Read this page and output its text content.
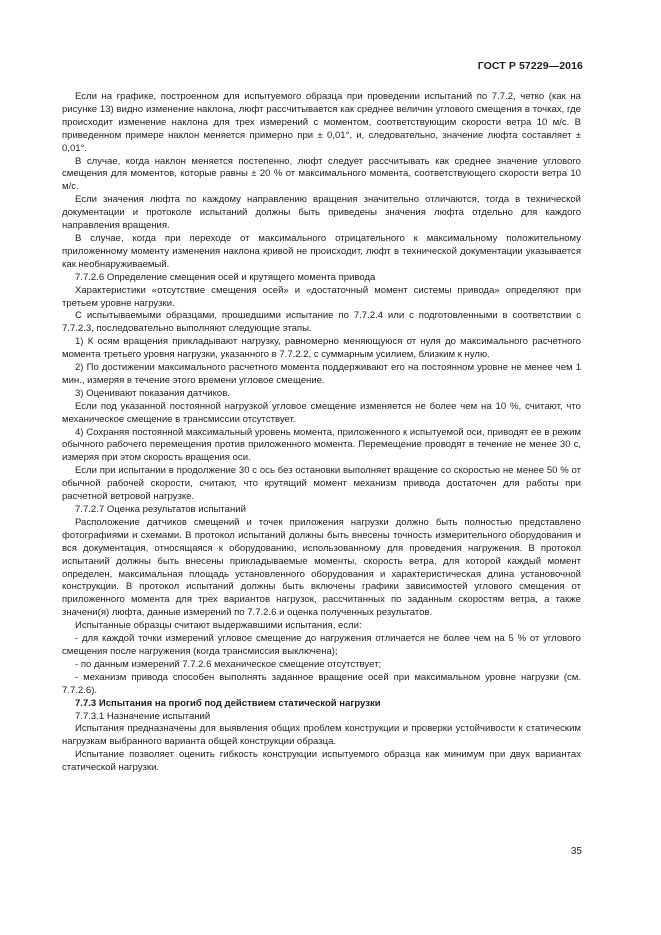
ГОСТ Р 57229—2016

Если на графике, построенном для испытуемого образца при проведении испытаний по 7.7.2, четко (как на рисунке 13) видно изменение наклона, люфт рассчитывается как среднее величин углового смещения в точках, где происходит изменение наклона для трех измерений с моментом, соответствующим скорости ветра 10 м/с. В приведенном примере наклон меняется примерно при ± 0,01°, и, следовательно, значение люфта составляет ± 0,01°.

В случае, когда наклон меняется постепенно, люфт следует рассчитывать как среднее значение углового смещения для моментов, которые равны ± 20 % от максимального момента, соответствующего скорости ветра 10 м/с.

Если значения люфта по каждому направлению вращения значительно отличаются, тогда в технической документации и протоколе испытаний должны быть приведены значения люфта отдельно для каждого направления вращения.

В случае, когда при переходе от максимального отрицательного к максимальному положительному приложенному моменту изменения наклона кривой не происходит, люфт в технической документации указывается как необнаруживаемый.

7.7.2.6 Определение смещения осей и крутящего момента привода

Характеристики «отсутствие смещения осей» и «достаточный момент системы привода» определяют при третьем уровне нагрузки.

С испытываемыми образцами, прошедшими испытание по 7.7.2.4 или с подготовленными в соответствии с 7.7.2.3, последовательно выполняют следующие этапы.

1) К осям вращения прикладывают нагрузку, равномерно меняющуюся от нуля до максимального расчетного момента третьего уровня нагрузки, указанного в 7.7.2.2, с суммарным усилием, близким к нулю.

2) По достижении максимального расчетного момента поддерживают его на постоянном уровне не менее чем 1 мин., измеряя в течение этого времени угловое смещение.

3) Оценивают показания датчиков.

Если под указанной постоянной нагрузкой угловое смещение изменяется не более чем на 10 %, считают, что механическое смещение в трансмиссии отсутствует.

4) Сохраняя постоянной максимальный уровень момента, приложенного к испытуемой оси, приводят ее в режим обычного рабочего перемещения против приложенного момента. Перемещение проводят в течение не менее 30 с, измеряя при этом скорость вращения оси.

Если при испытании в продолжение 30 с ось без остановки выполняет вращение со скоростью не менее 50 % от обычной рабочей скорости, считают, что крутящий момент механизм привода достаточен для работы при расчетной ветровой нагрузке.

7.7.2.7 Оценка результатов испытаний

Расположение датчиков смещений и точек приложения нагрузки должно быть полностью представлено фотографиями и схемами. В протокол испытаний должны быть внесены точность измерительного оборудования и вся документация, относящаяся к оборудованию, использованному для проведения нагружения. В протокол испытаний должны быть внесены прикладываемые моменты, скорость ветра, для которой каждый момент определен, максимальная площадь установленного оборудования и характеристическая длина установочной конструкции. В протокол испытаний должны быть включены графики зависимостей углового смещения от приложенного момента для трех вариантов нагрузок, рассчитанных по заданным скоростям ветра, а также значени(я) люфта, данные измерений по 7.7.2.6 и оценка полученных результатов.

Испытанные образцы считают выдержавшими испытания, если:

- для каждой точки измерений угловое смещение до нагружения отличается не более чем на 5 % от углового смещения после нагружения (когда трансмиссия выключена);

- по данным измерений 7.7.2.6 механическое смещение отсутствует;

- механизм привода способен выполнять заданное вращение осей при максимальном уровне нагрузки (см. 7.7.2.6).

7.7.3 Испытания на прогиб под действием статической нагрузки

7.7.3.1 Назначение испытаний

Испытания предназначены для выявления общих проблем конструкции и проверки устойчивости к статическим нагрузкам выбранного варианта общей конструкции образца.

Испытание позволяет оценить гибкость конструкции испытуемого образца как минимум при двух вариантах статической нагрузки.

35
